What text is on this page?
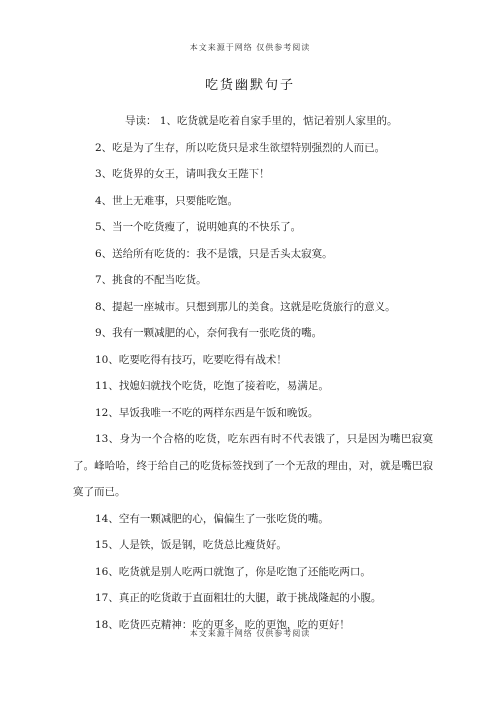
本文来源于网络 仅供参考阅读
吃货幽默句子

导读： 1、吃货就是吃着自家手里的，惦记着别人家里的。

2、吃是为了生存，所以吃货只是求生欲望特别强烈的人而已。

3、吃货界的女王，请叫我女王陛下！

4、世上无难事，只要能吃饱。

5、当一个吃货瘦了，说明她真的不快乐了。

6、送给所有吃货的：我不是饿，只是舌头太寂寞。

7、挑食的不配当吃货。

8、提起一座城市。只想到那儿的美食。这就是吃货旅行的意义。

9、我有一颗减肥的心，奈何我有一张吃货的嘴。

10、吃要吃得有技巧，吃要吃得有战术！

11、找媳妇就找个吃货，吃饱了接着吃，易满足。

12、早饭我唯一不吃的两样东西是午饭和晚饭。

13、身为一个合格的吃货，吃东西有时不代表饿了，只是因为嘴巴寂寞了。峰哈哈，终于给自己的吃货标签找到了一个无敌的理由，对，就是嘴巴寂寞了而已。

14、空有一颗减肥的心，偏偏生了一张吃货的嘴。

15、人是铁，饭是钢，吃货总比瘦货好。

16、吃货就是别人吃两口就饱了，你是吃饱了还能吃两口。

17、真正的吃货敢于直面粗壮的大腿，敢于挑战隆起的小腹。

18、吃货匹克精神：吃的更多，吃的更饱，吃的更好！

本文来源于网络 仅供参考阅读
